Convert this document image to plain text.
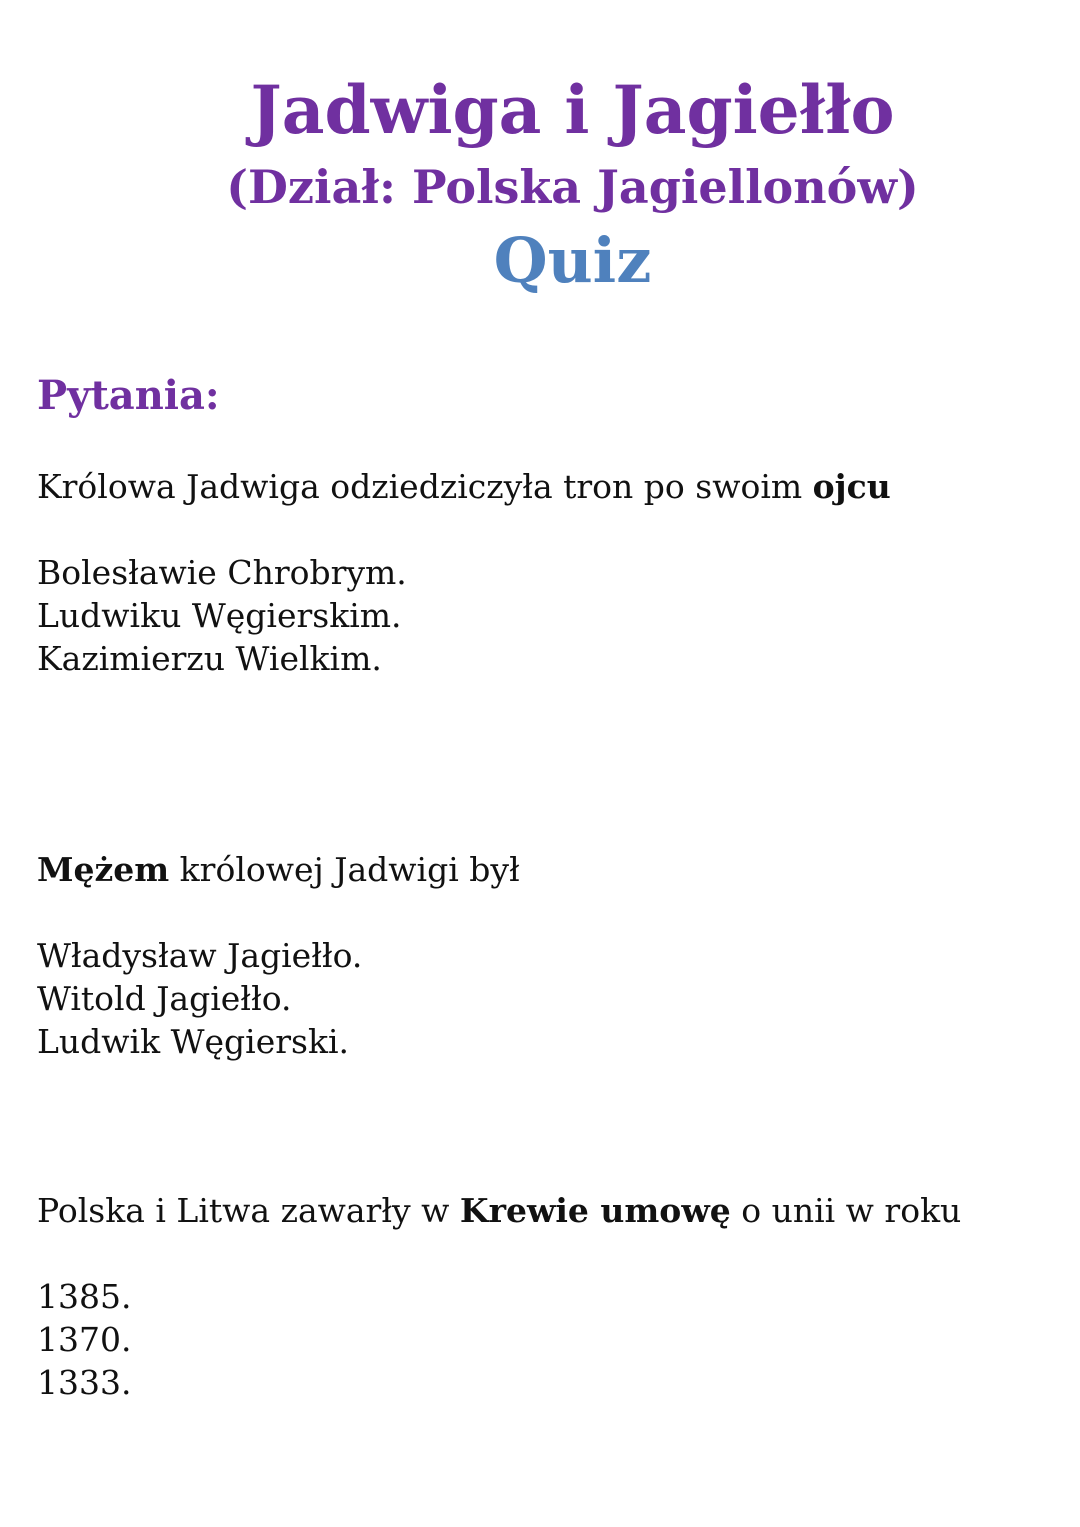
Jadwiga i Jagiełło
(Dział: Polska Jagiellonów)
Quiz
Pytania:
Królowa Jadwiga odziedziczyła tron po swoim ojcu
Bolesławie Chrobrym.
Ludwiku Węgierskim.
Kazimierzu Wielkim.
Mężem królowej Jadwigi był
Władysław Jagiełło.
Witold Jagiełło.
Ludwik Węgierski.
Polska i Litwa zawarły w Krewie umowę o unii w roku
1385.
1370.
1333.
